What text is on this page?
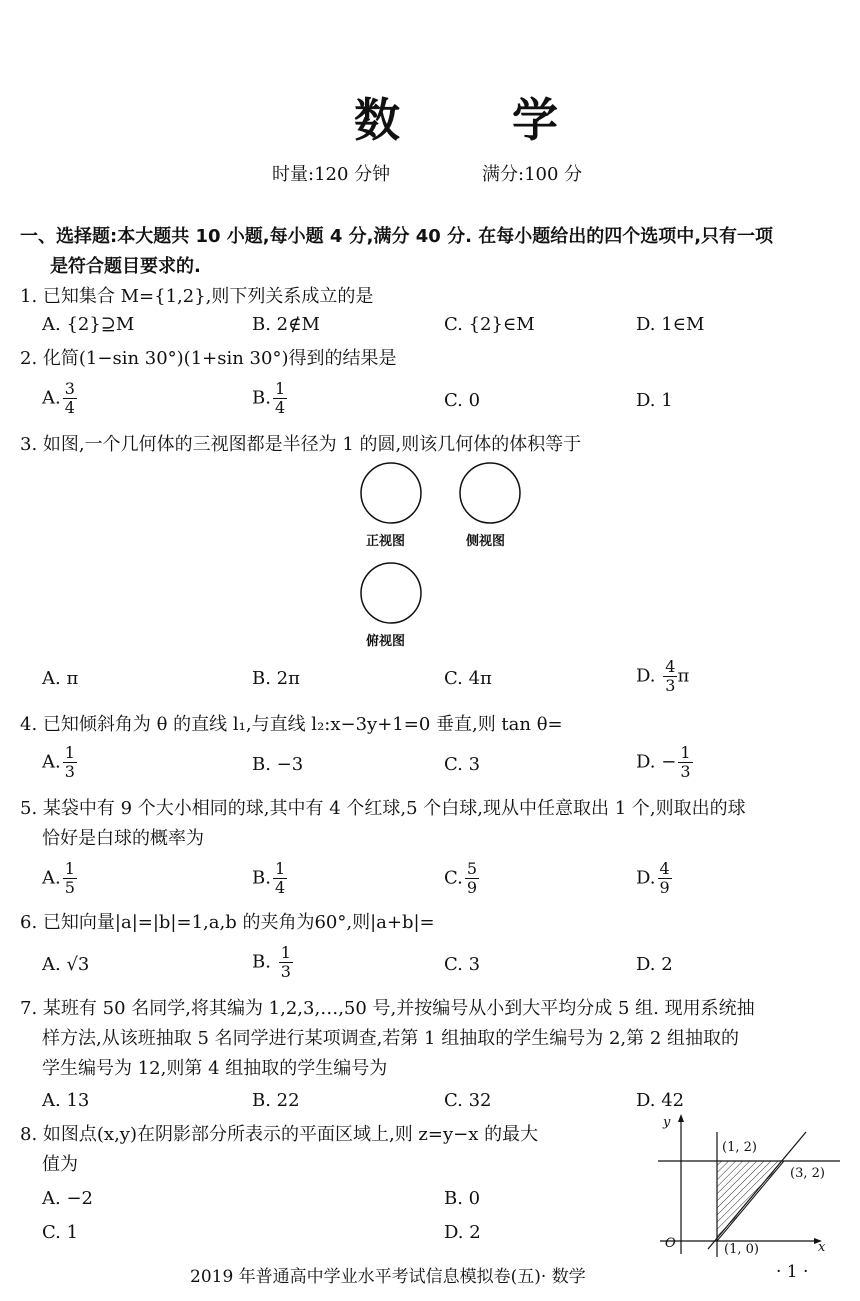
数 学
时量:120 分钟	满分:100 分
一、选择题:本大题共 10 小题,每小题 4 分,满分 40 分. 在每小题给出的四个选项中,只有一项
是符合题目要求的.
1. 已知集合 M={1,2},则下列关系成立的是
A. {2}⊇M	B. 2∉M	C. {2}∈M	D. 1∈M
2. 化简(1−sin 30°)(1+sin 30°)得到的结果是
A. $\frac{3}{4}$	B. $\frac{1}{4}$	C. 0	D. 1
3. 如图,一个几何体的三视图都是半径为 1 的圆,则该几何体的体积等于
正视图	侧视图
俯视图
A. π	B. 2π	C. 4π	D. $\frac{4}{3}$ π
4. 已知倾斜角为 θ 的直线 l₁,与直线 l₂:x−3y+1=0 垂直,则 tan θ=
A. $\frac{1}{3}$	B. −3	C. 3	D. − $\frac{1}{3}$
5. 某袋中有 9 个大小相同的球,其中有 4 个红球,5 个白球,现从中任意取出 1 个,则取出的球
恰好是白球的概率为
A. $\frac{1}{5}$	B. $\frac{1}{4}$	C. $\frac{5}{9}$	D. $\frac{4}{9}$
6. 已知向量|a|=|b|=1,a,b 的夹角为60°,则|a+b|=
A. √3	B. $\frac{1}{3}$	C. 3	D. 2
7. 某班有 50 名同学,将其编为 1,2,3,…,50 号,并按编号从小到大平均分成 5 组. 现用系统抽
样方法,从该班抽取 5 名同学进行某项调查,若第 1 组抽取的学生编号为 2,第 2 组抽取的
学生编号为 12,则第 4 组抽取的学生编号为
A. 13	B. 22	C. 32	D. 42
8. 如图点(x,y)在阴影部分所表示的平面区域上,则 z=y−x 的最大
值为
A. −2	B. 0
C. 1	D. 2
y
x
O
(1, 2)
(3, 2)
(1, 0)
2019 年普通高中学业水平考试信息模拟卷(五)· 数学	· 1 ·
